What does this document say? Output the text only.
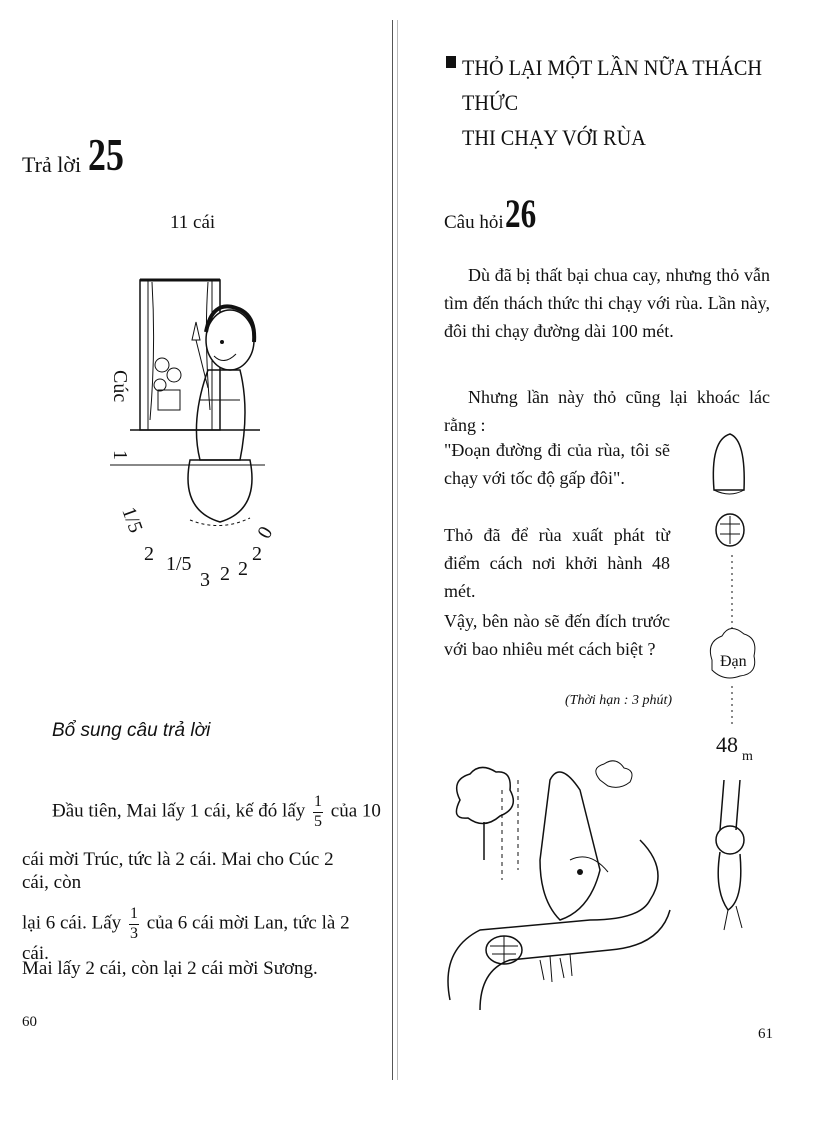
Trả lời 25
11 cái
Cúc
1
1/5
2 1/5
3 2 2
2
0
Bổ sung câu trả lời
Đầu tiên, Mai lấy 1 cái, kế đó lấy $\frac{1}{5}$ của 10
cái mời Trúc, tức là 2 cái. Mai cho Cúc 2 cái, còn
lại 6 cái. Lấy $\frac{1}{3}$ của 6 cái mời Lan, tức là 2 cái.
Mai lấy 2 cái, còn lại 2 cái mời Sương.
60
THỎ LẠI MỘT LẦN NỮA THÁCH THỨC
THI CHẠY VỚI RÙA
Câu hỏi 26
Dù đã bị thất bại chua cay, nhưng thỏ vẫn tìm đến thách thức thi chạy với rùa. Lần này, đôi thi chạy đường dài 100 mét.
Nhưng lần này thỏ cũng lại khoác lác rằng :
"Đoạn đường đi của rùa, tôi sẽ chạy với tốc độ gấp đôi".
Thỏ đã để rùa xuất phát từ điểm cách nơi khởi hành 48 mét.
Vậy, bên nào sẽ đến đích trước với bao nhiêu mét cách biệt ?
(Thời hạn : 3 phút)
Đạn
48 m
61
